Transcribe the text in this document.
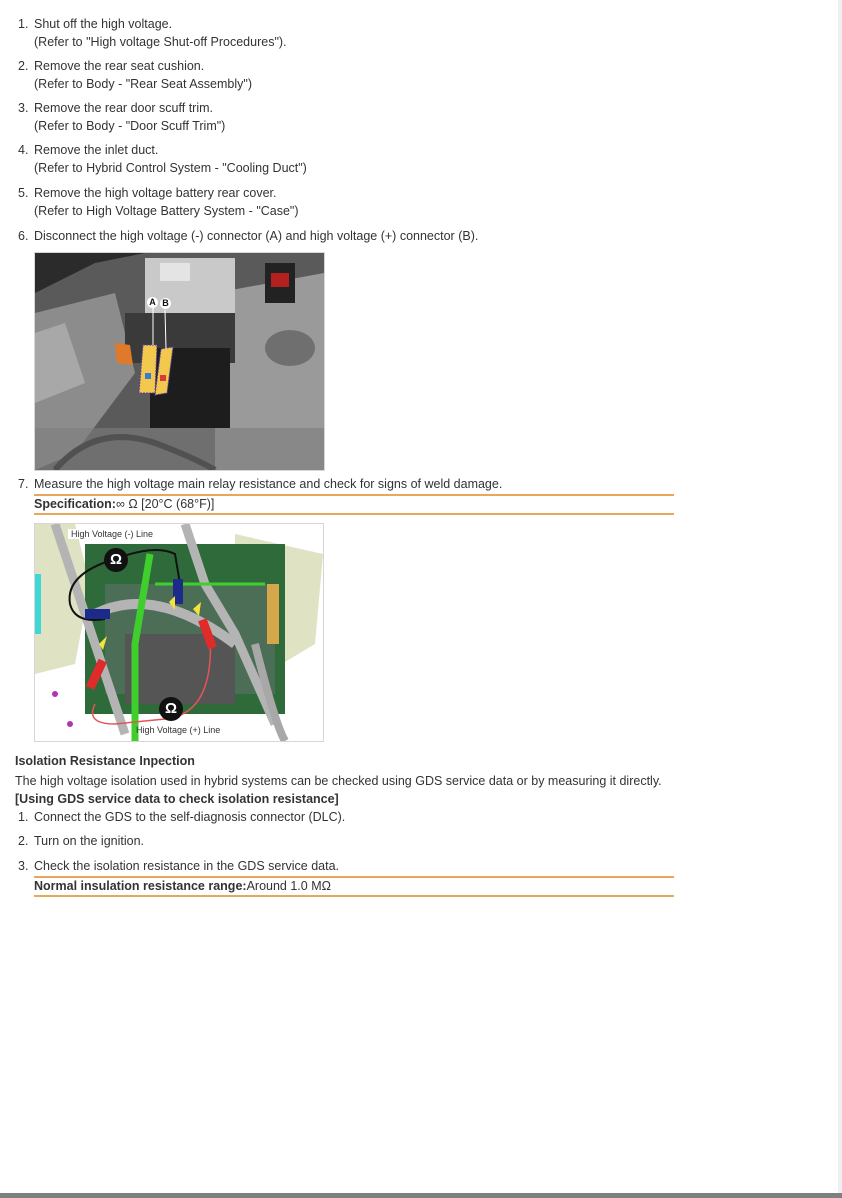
1. Shut off the high voltage.
(Refer to "High voltage Shut-off Procedures").
2. Remove the rear seat cushion.
(Refer to Body - "Rear Seat Assembly")
3. Remove the rear door scuff trim.
(Refer to Body - "Door Scuff Trim")
4. Remove the inlet duct.
(Refer to Hybrid Control System - "Cooling Duct")
5. Remove the high voltage battery rear cover.
(Refer to High Voltage Battery System - "Case")
6. Disconnect the high voltage (-) connector (A) and high voltage (+) connector (B).
A B
7. Measure the high voltage main relay resistance and check for signs of weld damage.
Specification:∞ Ω [20°C (68°F)]
High Voltage (-) Line
Ω
Ω
High Voltage (+) Line
Isolation Resistance Inpection
The high voltage isolation used in hybrid systems can be checked using GDS service data or by measuring it directly.
[Using GDS service data to check isolation resistance]
1. Connect the GDS to the self-diagnosis connector (DLC).
2. Turn on the ignition.
3. Check the isolation resistance in the GDS service data.
Normal insulation resistance range:Around 1.0 MΩ
